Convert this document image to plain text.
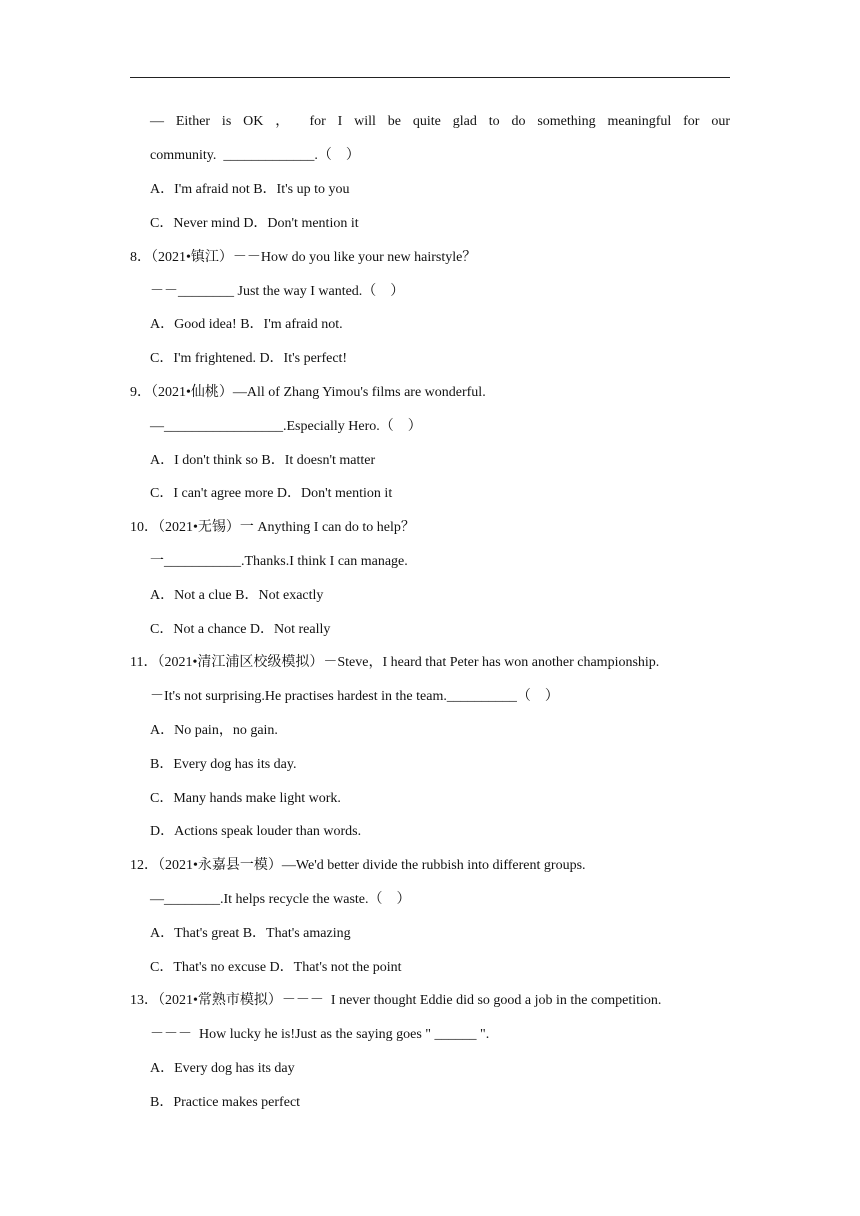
— Either is OK ， for I will be quite glad to do something meaningful for our
community.  _____________.（　）
A．I'm afraid not B．It's up to you
C．Never mind D．Don't mention it
8．（2021•镇江）－－How do you like your new hairstyle？
－－________ Just the way I wanted.（　）
A．Good idea! B．I'm afraid not.
C．I'm frightened. D．It's perfect!
9．（2021•仙桃）—All of Zhang Yimou's films are wonderful.
—_________________.Especially Hero.（　）
A．I don't think so B．It doesn't matter
C．I can't agree more D．Don't mention it
10．（2021•无锡）一 Anything I can do to help？
一___________.Thanks.I think I can manage.
A．Not a clue B．Not exactly
C．Not a chance D．Not really
11．（2021•清江浦区校级模拟）－Steve，I heard that Peter has won another championship.
－It's not surprising.He practises hardest in the team.__________（　）
A．No pain，no gain.
B．Every dog has its day.
C．Many hands make light work.
D．Actions speak louder than words.
12．（2021•永嘉县一模）—We'd better divide the rubbish into different groups.
—________.It helps recycle the waste.（　）
A．That's great B．That's amazing
C．That's no excuse D．That's not the point
13．（2021•常熟市模拟）－－－  I never thought Eddie did so good a job in the competition.
－－－  How lucky he is!Just as the saying goes " ______ ".
A．Every dog has its day
B．Practice makes perfect
